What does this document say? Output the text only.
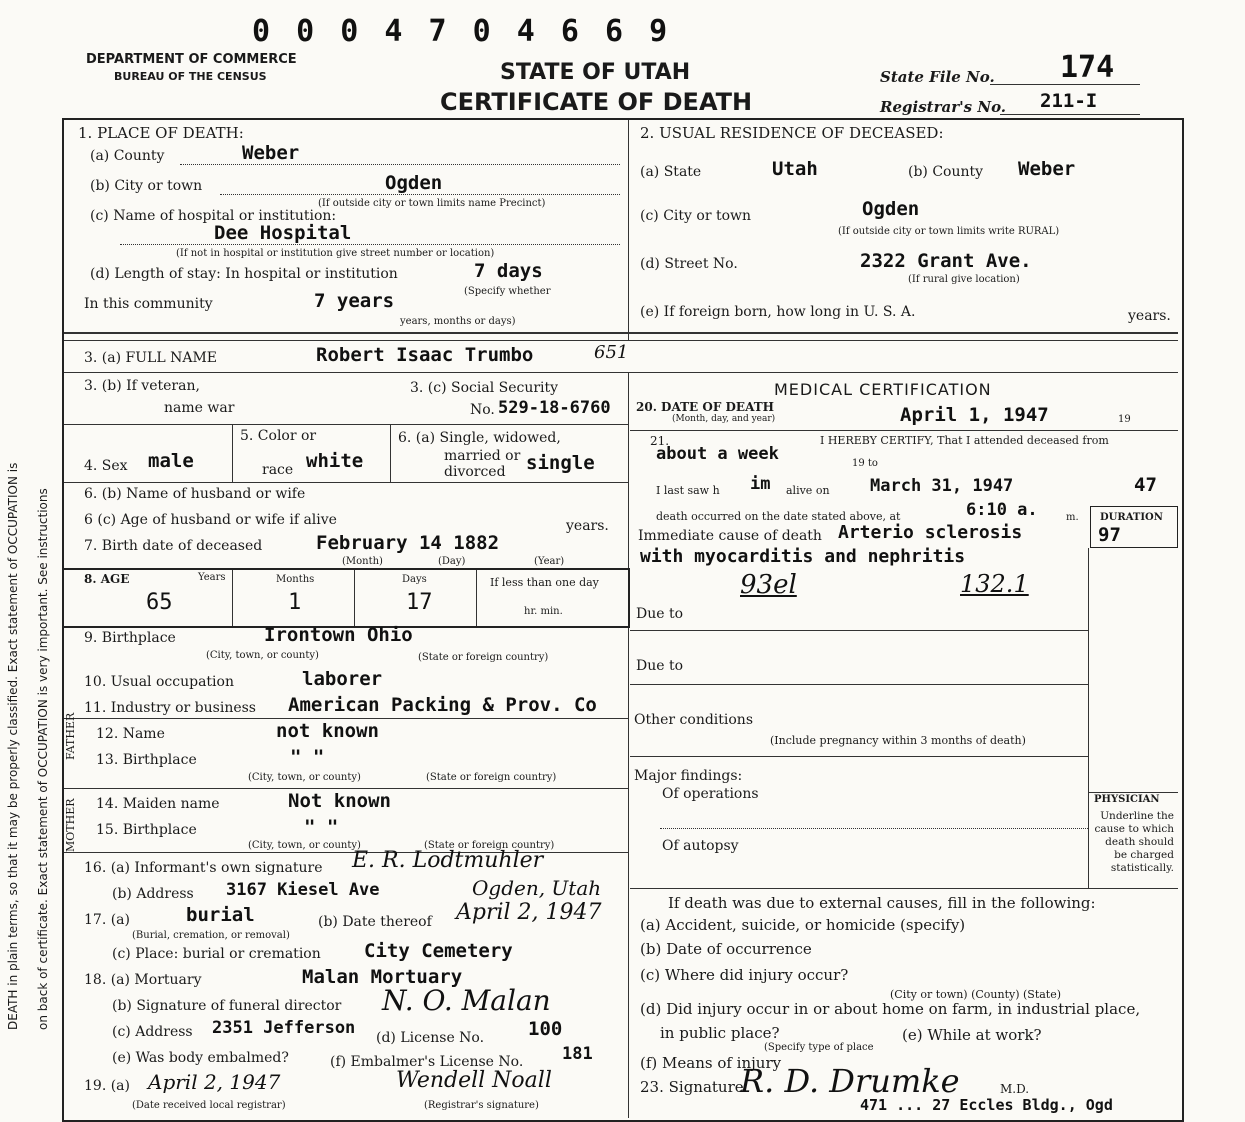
0 0 0 4 7 0 4 6 6 9
DEPARTMENT OF COMMERCE
BUREAU OF THE CENSUS	STATE OF UTAH
CERTIFICATE OF DEATH
State File No. 174
Registrar's No. 211-I
DEATH in plain terms, so that it may be properly classified. Exact statement of OCCUPATION is on back of certificate. Exact statement of OCCUPATION is very important. See instructions
1. PLACE OF DEATH:
(a) County	Weber
(b) City or town	Ogden
(If outside city or town limits name Precinct)
(c) Name of hospital or institution:
Dee Hospital
(If not in hospital or institution give street number or location)
(d) Length of stay: In hospital or institution	7 days
(Specify whether
In this community	7 years
years, months or days)
2. USUAL RESIDENCE OF DECEASED:
(a) State	Utah	(b) County Weber
(c) City or town	Ogden
(If outside city or town limits write RURAL)
(d) Street No.	2322 Grant Ave.
(If rural give location)
(e) If foreign born, how long in U. S. A.	years.
3. (a) FULL NAME	Robert Isaac Trumbo	651
3. (b) If veteran,
name war
3. (c) Social Security
No. 529-18-6760
MEDICAL CERTIFICATION
20. DATE OF DEATH
(Month, day, and year)	April 1, 1947	19
4. Sex male
5. Color or
race white
6. (a) Single, widowed,
married or
divorced single
21.	I HEREBY CERTIFY, That I attended deceased from
about a week	19 to
I last saw h im alive on March 31, 1947	47
death occurred on the date stated above, at	6:10 a.	m. DURATION
97
Immediate cause of death Arterio sclerosis
with myocarditis and nephritis
93el	132.1
Due to
Due to
Other conditions
(Include pregnancy within 3 months of death)
Major findings:
Of operations
Of autopsy
PHYSICIAN
Underline the cause to which death should be charged statistically.
If death was due to external causes, fill in the following:
(a) Accident, suicide, or homicide (specify)
(b) Date of occurrence
(c) Where did injury occur?
(City or town) (County) (State)
(d) Did injury occur in or about home on farm, in industrial place,
in public place?	(e) While at work?
(Specify type of place
(f) Means of injury
23. Signature
R. D. Drumke	M.D.
471 ... 27 Eccles Bldg., Ogd
8. AGE	Years	Months	Days	If less than one day
hr. min.
65	1	17
6. (b) Name of husband or wife
6 (c) Age of husband or wife if alive	years.
7. Birth date of deceased	February 14 1882
(Month)	(Day)	(Year)
9. Birthplace	Irontown Ohio
(City, town, or county)	(State or foreign country)
10. Usual occupation	laborer
11. Industry or business American Packing & Prov. Co
FATHER 12. Name	not known
13. Birthplace	" "
(City, town, or county)	(State or foreign country)
MOTHER 14. Maiden name	Not known
15. Birthplace	" "
(City, town, or county)	(State or foreign country)
16. (a) Informant's own signature E. R. Lodtmuhler
(b) Address 3167 Kiesel Ave	Ogden, Utah
17. (a)	burial
(Burial, cremation, or removal)
(b) Date thereof April 2, 1947
(c) Place: burial or cremation City Cemetery
18. (a) Mortuary	Malan Mortuary
(b) Signature of funeral director N. O. Malan
(c) Address 2351 Jefferson (d) License No. 100
(e) Was body embalmed?	(f) Embalmer's License No. 181
19. (a) April 2, 1947	Wendell Noall
(Date received local registrar)	(Registrar's signature)
